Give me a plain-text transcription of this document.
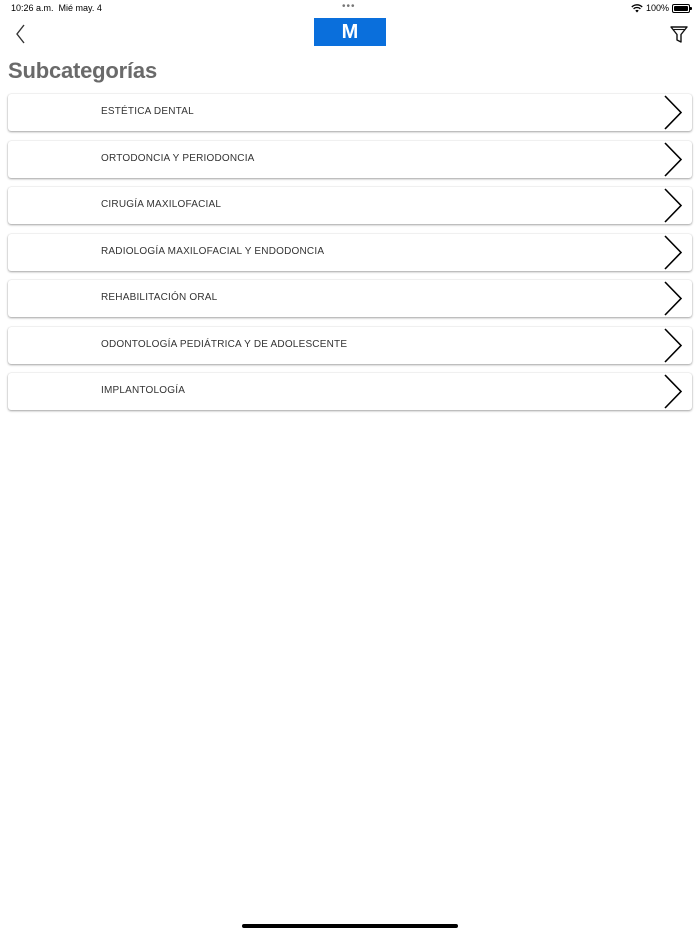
10:26 a.m. Mié may. 4	•••	100%
M
Subcategorías
ESTÉTICA DENTAL
ORTODONCIA Y PERIODONCIA
CIRUGÍA MAXILOFACIAL
RADIOLOGÍA MAXILOFACIAL Y ENDODONCIA
REHABILITACIÓN ORAL
ODONTOLOGÍA PEDIÁTRICA Y DE ADOLESCENTE
IMPLANTOLOGÍA
